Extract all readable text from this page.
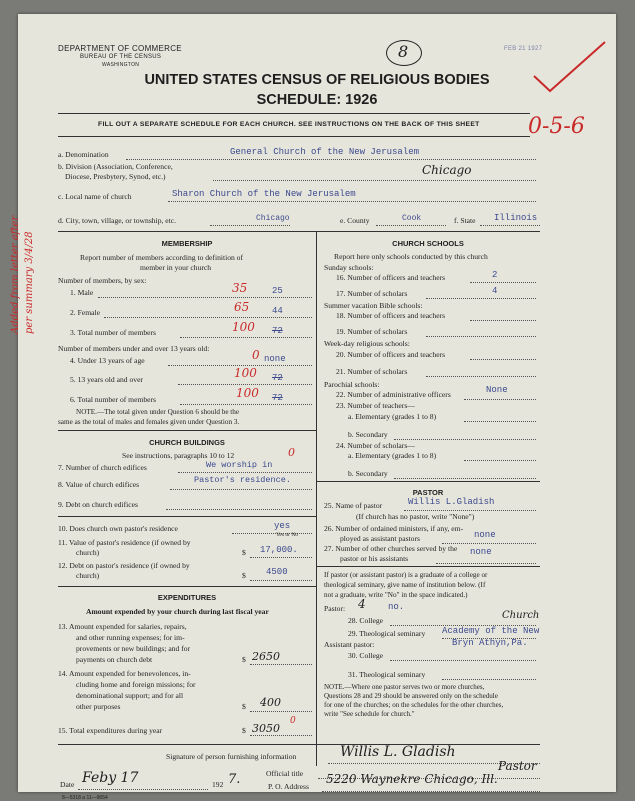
DEPARTMENT OF COMMERCE
BUREAU OF THE CENSUS
WASHINGTON
8	FEB 21 1927
UNITED STATES CENSUS OF RELIGIOUS BODIES
SCHEDULE: 1926
FILL OUT A SEPARATE SCHEDULE FOR EACH CHURCH. SEE INSTRUCTIONS ON THE BACK OF THIS SHEET 0-5-6
a. Denomination	General Church of the New Jerusalem
b. Division (Association, Conference,
Diocese, Presbytery, Synod, etc.)	Chicago
c. Local name of church	Sharon Church of the New Jerusalem
d. City, town, village, or township, etc.	Chicago	e. County	Cook	f. State Illinois
Added from letter after per summary 3/4/28	MEMBERSHIP
Report number of members according to definition of
member in your church
Number of members, by sex:
1. Male	35	25
2. Female	65	44
3. Total number of members	100 72
Number of members under and over 13 years old:
4. Under 13 years of age	0 none
5. 13 years old and over	100 72
6. Total number of members	100 72
NOTE.—The total given under Question 6 should be the
same as the total of males and females given under Question 3.
CHURCH BUILDINGS
See instructions, paragraphs 10 to 12	0
7. Number of church edifices	We worship in
8. Value of church edifices	Pastor's residence.
9. Debt on church edifices
10. Does church own pastor's residence	yes
Yes or No
11. Value of pastor's residence (if owned by
church)	$ 17,000.
12. Debt on pastor's residence (if owned by
church)	$ 4500
EXPENDITURES
Amount expended by your church during last fiscal year
13. Amount expended for salaries, repairs,
and other running expenses; for im-
provements or new buildings; and for
payments on church debt	$ 2650
14. Amount expended for benevolences, in-
cluding home and foreign missions; for
denominational support; and for all
other purposes	$ 400
15. Total expenditures during year	$ 3050
0
CHURCH SCHOOLS
Report here only schools conducted by this church
Sunday schools:
16. Number of officers and teachers	2
17. Number of scholars	4
Summer vacation Bible schools:
18. Number of officers and teachers
19. Number of scholars
Week-day religious schools:
20. Number of officers and teachers
21. Number of scholars
Parochial schools:
22. Number of administrative officers	None
23. Number of teachers—
a. Elementary (grades 1 to 8)
b. Secondary
24. Number of scholars—
a. Elementary (grades 1 to 8)
b. Secondary
PASTOR
25. Name of pastor	Willis L.Gladish
(If church has no pastor, write "None")
26. Number of ordained ministers, if any, em-
ployed as assistant pastors	none
27. Number of other churches served by the
pastor or his assistants
none
If pastor (or assistant pastor) is a graduate of a college or
theological seminary, give name of institution below. (If
not a graduate, write "No" in the space indicated.)
Pastor: 4 no.
28. College	Church
29. Theological seminary Academy of the New
Assistant pastor:	Bryn Athyn,Pa.
30. College
31. Theological seminary
NOTE.—Where one pastor serves two or more churches,
Questions 28 and 29 should be answered only on the schedule
for one of the churches; on the schedules for the other churches,
write "See schedule for church."
Signature of person furnishing information	Willis L. Gladish
Official title
Pastor
Date Feby 17	192 7.	P. O. Address
5220 Waynekre Chicago, Ill.
8—5318 a 11—9654
